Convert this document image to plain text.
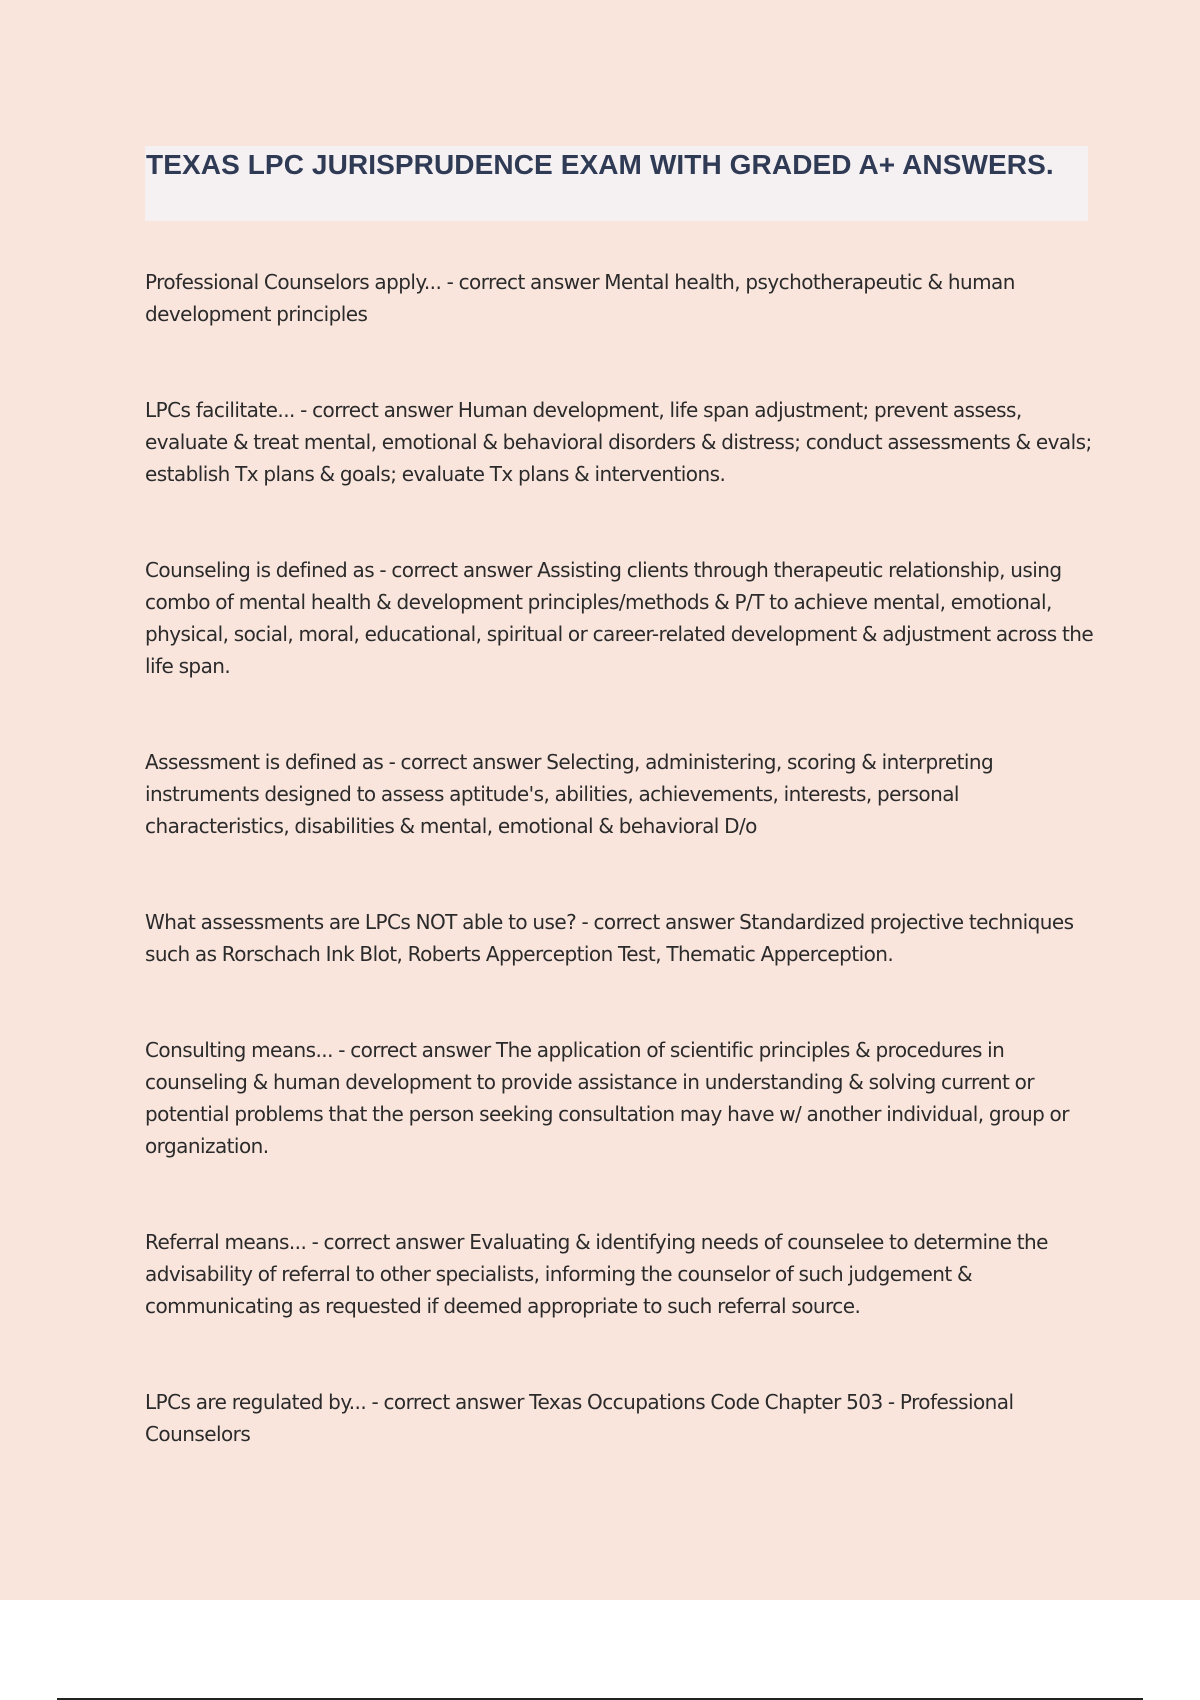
TEXAS LPC JURISPRUDENCE EXAM WITH GRADED A+ ANSWERS.

Professional Counselors apply... - correct answer Mental health, psychotherapeutic & human development principles

LPCs facilitate... - correct answer Human development, life span adjustment; prevent assess, evaluate & treat mental, emotional & behavioral disorders & distress; conduct assessments & evals; establish Tx plans & goals; evaluate Tx plans & interventions.

Counseling is defined as - correct answer Assisting clients through therapeutic relationship, using combo of mental health & development principles/methods & P/T to achieve mental, emotional, physical, social, moral, educational, spiritual or career-related development & adjustment across the life span.

Assessment is defined as - correct answer Selecting, administering, scoring & interpreting instruments designed to assess aptitude's, abilities, achievements, interests, personal characteristics, disabilities & mental, emotional & behavioral D/o

What assessments are LPCs NOT able to use? - correct answer Standardized projective techniques such as Rorschach Ink Blot, Roberts Apperception Test, Thematic Apperception.

Consulting means... - correct answer The application of scientific principles & procedures in counseling & human development to provide assistance in understanding & solving current or potential problems that the person seeking consultation may have w/ another individual, group or organization.

Referral means... - correct answer Evaluating & identifying needs of counselee to determine the advisability of referral to other specialists, informing the counselor of such judgement & communicating as requested if deemed appropriate to such referral source.

LPCs are regulated by... - correct answer Texas Occupations Code Chapter 503 - Professional Counselors
